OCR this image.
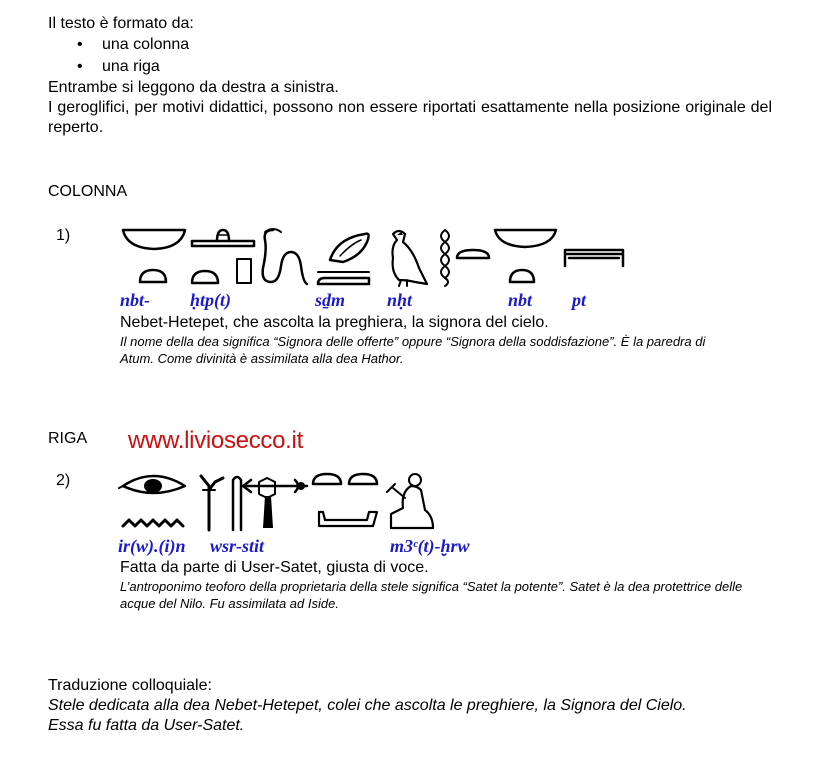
Il testo è formato da:

• una colonna
• una riga

Entrambe si leggono da destra a sinistra.

I geroglifici, per motivi didattici, possono non essere riportati esattamente nella posizione originale del reperto.

COLONNA
1)
nbt- ḥtp(t)	sḏm nḥt	nbt pt
Nebet-Hetepet, che ascolta la preghiera, la signora del cielo.
Il nome della dea significa “Signora delle offerte” oppure “Signora della soddisfazione”. È la paredra di Atum. Come divinità è assimilata alla dea Hathor.
RIGA www.liviosecco.it
2)
ir(w).(i)n wsr-stit	m3ᶜ(t)-ḫrw
Fatta da parte di User-Satet, giusta di voce.
L’antroponimo teoforo della proprietaria della stele significa “Satet la potente”. Satet è la dea protettrice delle acque del Nilo. Fu assimilata ad Iside.

Traduzione colloquiale:

Stele dedicata alla dea Nebet-Hetepet, colei che ascolta le preghiere, la Signora del Cielo.

Essa fu fatta da User-Satet.
